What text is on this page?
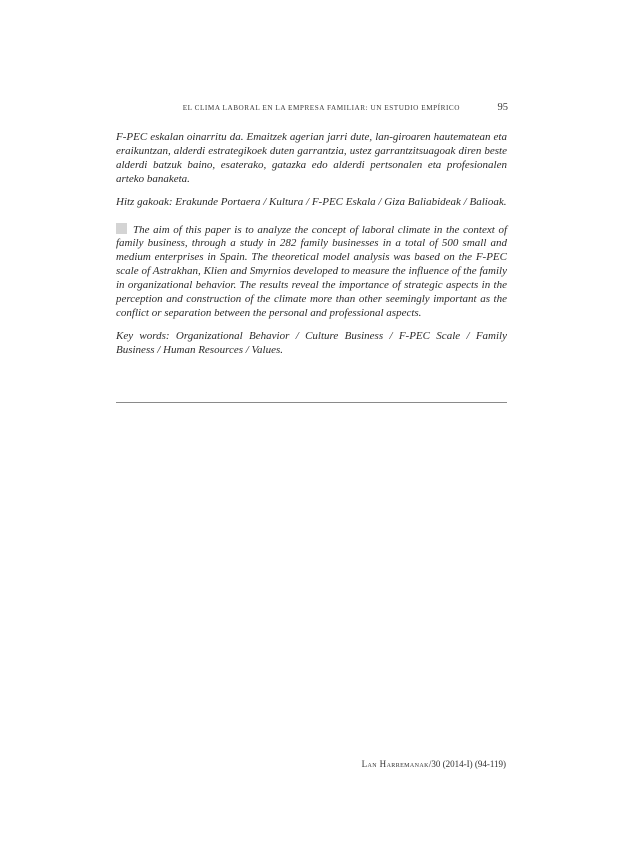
EL CLIMA LABORAL EN LA EMPRESA FAMILIAR: UN ESTUDIO EMPÍRICO	95

F-PEC eskalan oinarritu da. Emaitzek agerian jarri dute, lan-giroaren hautematean eta eraikuntzan, alderdi estrategikoek duten garrantzia, ustez garrantzitsuagoak diren beste alderdi batzuk baino, esaterako, gatazka edo alderdi pertsonalen eta profesionalen arteko banaketa.

Hitz gakoak: Erakunde Portaera / Kultura / F-PEC Eskala / Giza Baliabideak / Balioak.

The aim of this paper is to analyze the concept of laboral climate in the context of family business, through a study in 282 family businesses in a total of 500 small and medium enterprises in Spain. The theoretical model analysis was based on the F-PEC scale of Astrakhan, Klien and Smyrnios developed to measure the influence of the family in organizational behavior. The results reveal the importance of strategic aspects in the perception and construction of the climate more than other seemingly important as the conflict or separation between the personal and professional aspects.

Key words: Organizational Behavior / Culture Business / F-PEC Scale / Family Business / Human Resources / Values.

Lan Harremanak/30 (2014-I) (94-119)
